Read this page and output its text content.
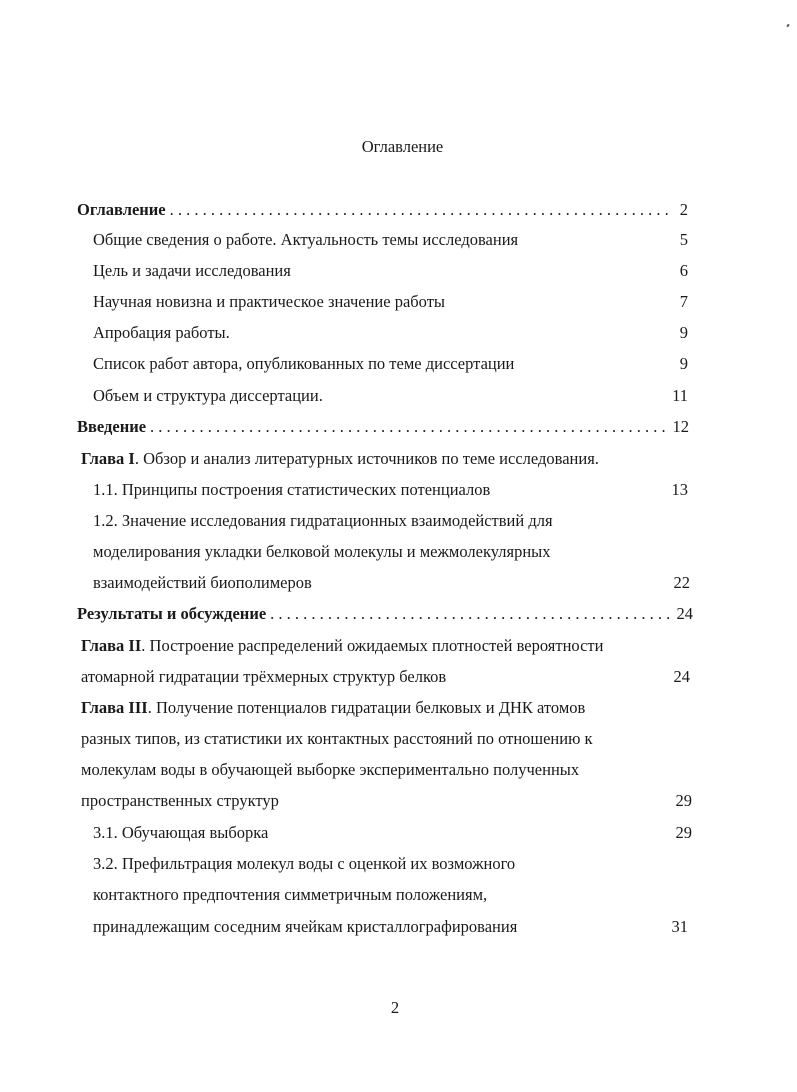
Оглавление
Оглавление . . .	2
Общие сведения о работе. Актуальность темы исследования	5
Цель и задачи исследования	6
Научная новизна и практическое значение работы	7
Апробация работы.	9
Список работ автора, опубликованных по теме диссертации	9
Объем и структура диссертации.	11
Введение . . .	12
Глава I. Обзор и анализ литературных источников по теме исследования.
1.1. Принципы построения статистических потенциалов	13
1.2. Значение исследования гидратационных взаимодействий для
моделирования укладки белковой молекулы и межмолекулярных
взаимодействий биополимеров	22
Результаты и обсуждение . . .	24
Глава II. Построение распределений ожидаемых плотностей вероятности
атомарной гидратации трёхмерных структур белков	24
Глава III. Получение потенциалов гидратации белковых и ДНК атомов
разных типов, из статистики их контактных расстояний по отношению к
молекулам воды в обучающей выборке экспериментально полученных
пространственных структур	29
3.1. Обучающая выборка	29
3.2. Префильтрация молекул воды с оценкой их возможного
контактного предпочтения симметричным положениям,
принадлежащим соседним ячейкам кристаллографирования	31
2
